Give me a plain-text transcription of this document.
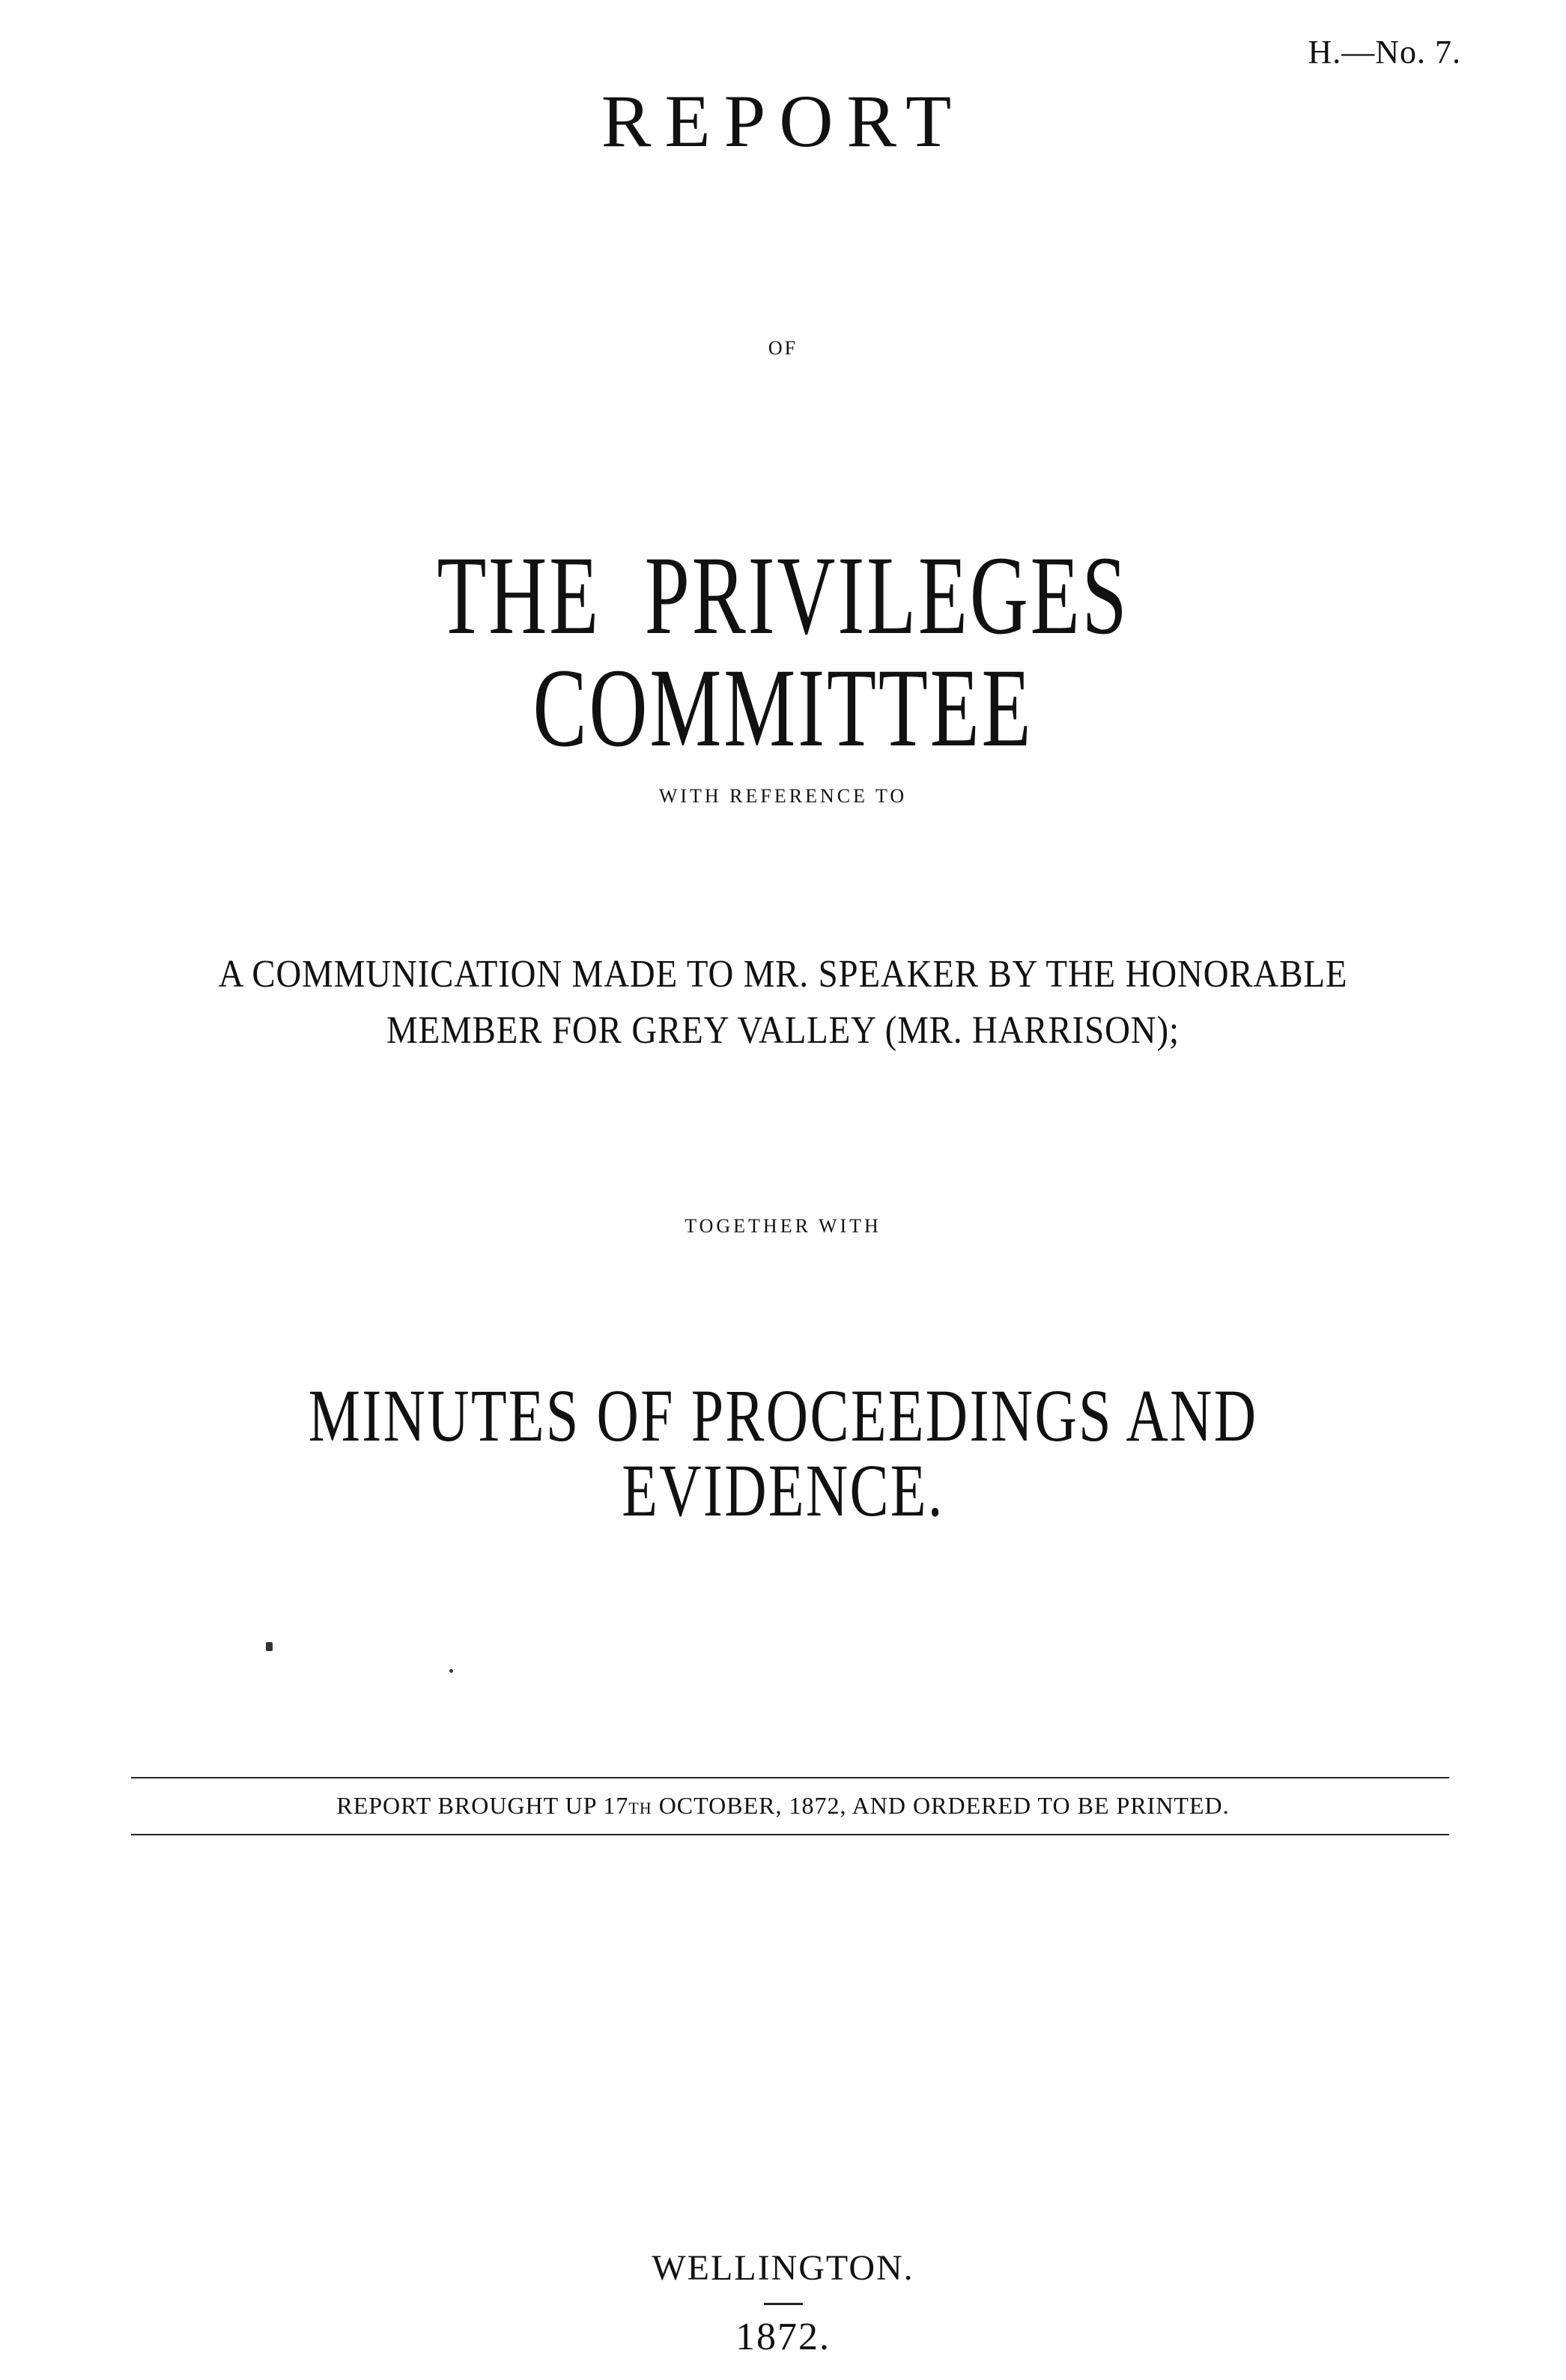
H.—No. 7.
REPORT
OF
THE PRIVILEGES COMMITTEE
WITH REFERENCE TO
A COMMUNICATION MADE TO MR. SPEAKER BY THE HONORABLE
MEMBER FOR GREY VALLEY (MR. HARRISON);
TOGETHER WITH
MINUTES OF PROCEEDINGS AND EVIDENCE.
REPORT BROUGHT UP 17TH OCTOBER, 1872, AND ORDERED TO BE PRINTED.
WELLINGTON.
1872.
